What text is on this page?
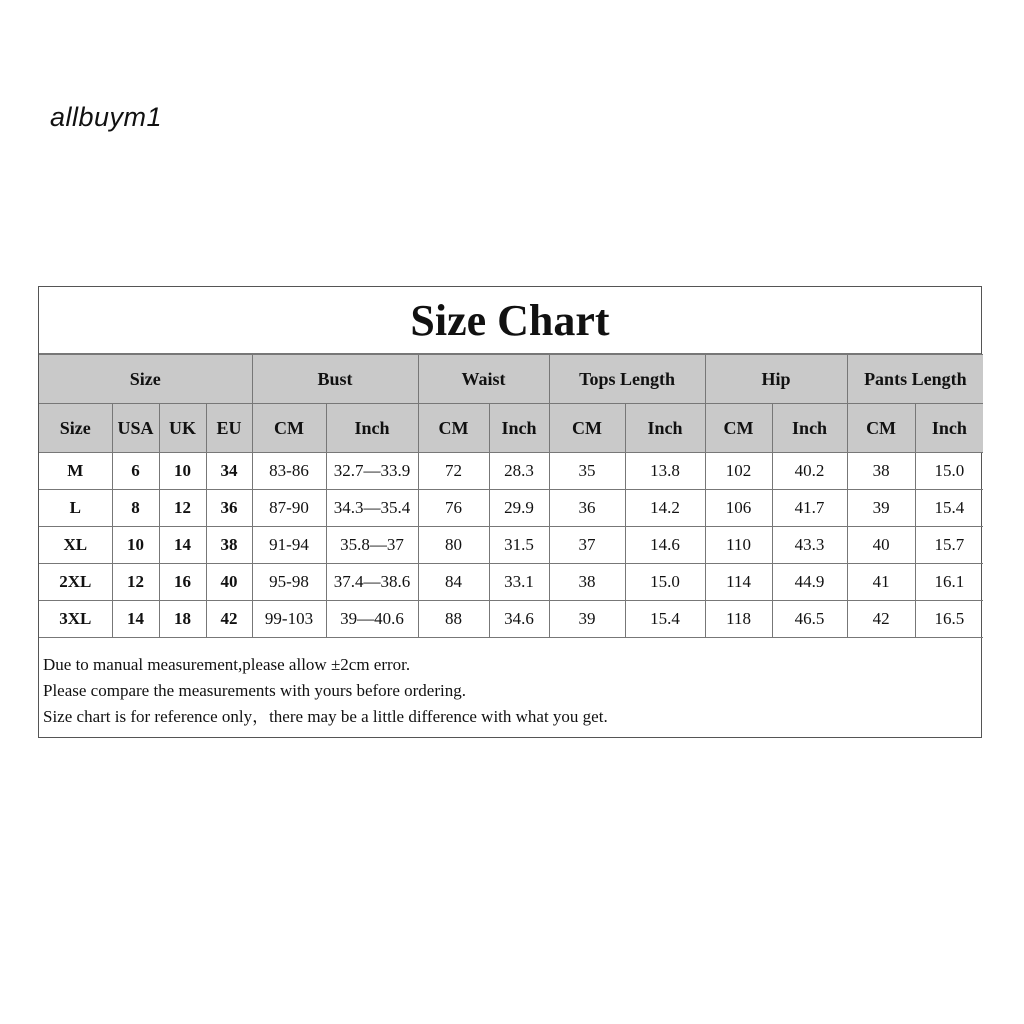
allbuym1
Size Chart
Size				Bust		Waist		Tops Length		Hip		Pants Length	
Size	USA	UK	EU	CM	Inch	CM	Inch	CM	Inch	CM	Inch	CM	Inch
M	6	10	34	83-86	32.7—33.9	72	28.3	35	13.8	102	40.2	38	15.0
L	8	12	36	87-90	34.3—35.4	76	29.9	36	14.2	106	41.7	39	15.4
XL	10	14	38	91-94	35.8—37	80	31.5	37	14.6	110	43.3	40	15.7
2XL	12	16	40	95-98	37.4—38.6	84	33.1	38	15.0	114	44.9	41	16.1
3XL	14	18	42	99-103	39—40.6	88	34.6	39	15.4	118	46.5	42	16.5
Due to manual measurement,please allow ±2cm error.
Please compare the measurements with yours before ordering.
Size chart is for reference only，there may be a little difference with what you get.
